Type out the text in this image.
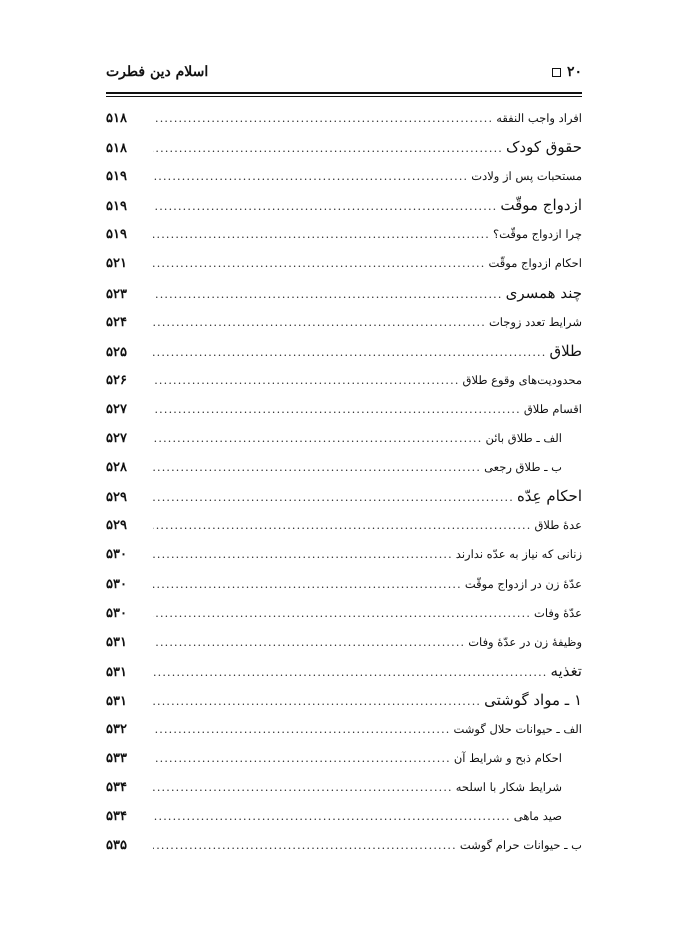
۲۰
اسلام دین فطرت
افراد واجب النفقه
.....
۵۱۸
حقوق کودک
.....
۵۱۸
مستحبات پس از ولادت
.....
۵۱۹
ازدواج موقّت
.....
۵۱۹
چرا ازدواج موقّت؟
.....
۵۱۹
احکام ازدواج موقّت
.....
۵۲۱
چند همسری
.....
۵۲۳
شرایط تعدد زوجات
.....
۵۲۴
طلاق
.....
۵۲۵
محدودیت‌های وقوع طلاق
.....
۵۲۶
اقسام طلاق
.....
۵۲۷
الف ـ طلاق بائن
.....
۵۲۷
ب ـ طلاق رجعی
.....
۵۲۸
احکام عِدّه
.....
۵۲۹
عدۀ طلاق
.....
۵۲۹
زنانی که نیاز به عدّه ندارند
.....
۵۳۰
عدّۀ زن در ازدواج موقّت
.....
۵۳۰
عدّۀ وفات
.....
۵۳۰
وظیفۀ زن در عدّۀ وفات
.....
۵۳۱
تغذیه
.....
۵۳۱
۱ ـ مواد گوشتی
.....
۵۳۱
الف ـ حیوانات حلال گوشت
.....
۵۳۲
احکام ذبح و شرایط آن
.....
۵۳۳
شرایط شکار با اسلحه
.....
۵۳۴
صید ماهی
.....
۵۳۴
ب ـ حیوانات حرام گوشت
.....
۵۳۵
